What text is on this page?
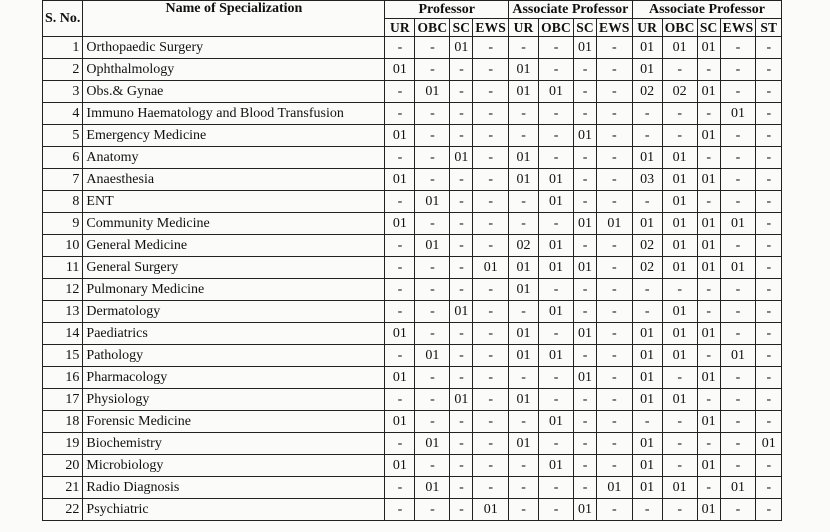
S. No.	Name of Specialization	Professor				Associate Professor				Associate Professor				
		UR	OBC	SC	EWS	UR	OBC	SC	EWS	UR	OBC	SC	EWS	ST
1	Orthopaedic Surgery	-	-	01	-	-	-	01	-	01	01	01	-	-
2	Ophthalmology	01	-	-	-	01	-	-	-	01	-	-	-	-
3	Obs.& Gynae	-	01	-	-	01	01	-	-	02	02	01	-	-
4	Immuno Haematology and Blood Transfusion	-	-	-	-	-	-	-	-	-	-	-	01	-
5	Emergency Medicine	01	-	-	-	-	-	01	-	-	-	01	-	-
6	Anatomy	-	-	01	-	01	-	-	-	01	01	-	-	-
7	Anaesthesia	01	-	-	-	01	01	-	-	03	01	01	-	-
8	ENT	-	01	-	-	-	01	-	-	-	01	-	-	-
9	Community Medicine	01	-	-	-	-	-	01	01	01	01	01	01	-
10	General Medicine	-	01	-	-	02	01	-	-	02	01	01	-	-
11	General Surgery	-	-	-	01	01	01	01	-	02	01	01	01	-
12	Pulmonary Medicine	-	-	-	-	01	-	-	-	-	-	-	-	-
13	Dermatology	-	-	01	-	-	01	-	-	-	01	-	-	-
14	Paediatrics	01	-	-	-	01	-	01	-	01	01	01	-	-
15	Pathology	-	01	-	-	01	01	-	-	01	01	-	01	-
16	Pharmacology	01	-	-	-	-	-	01	-	01	-	01	-	-
17	Physiology	-	-	01	-	01	-	-	-	01	01	-	-	-
18	Forensic Medicine	01	-	-	-	-	01	-	-	-	-	01	-	-
19	Biochemistry	-	01	-	-	01	-	-	-	01	-	-	-	01
20	Microbiology	01	-	-	-	-	01	-	-	01	-	01	-	-
21	Radio Diagnosis	-	01	-	-	-	-	-	01	01	01	-	01	-
22	Psychiatric	-	-	-	01	-	-	01	-	-	-	01	-	-
